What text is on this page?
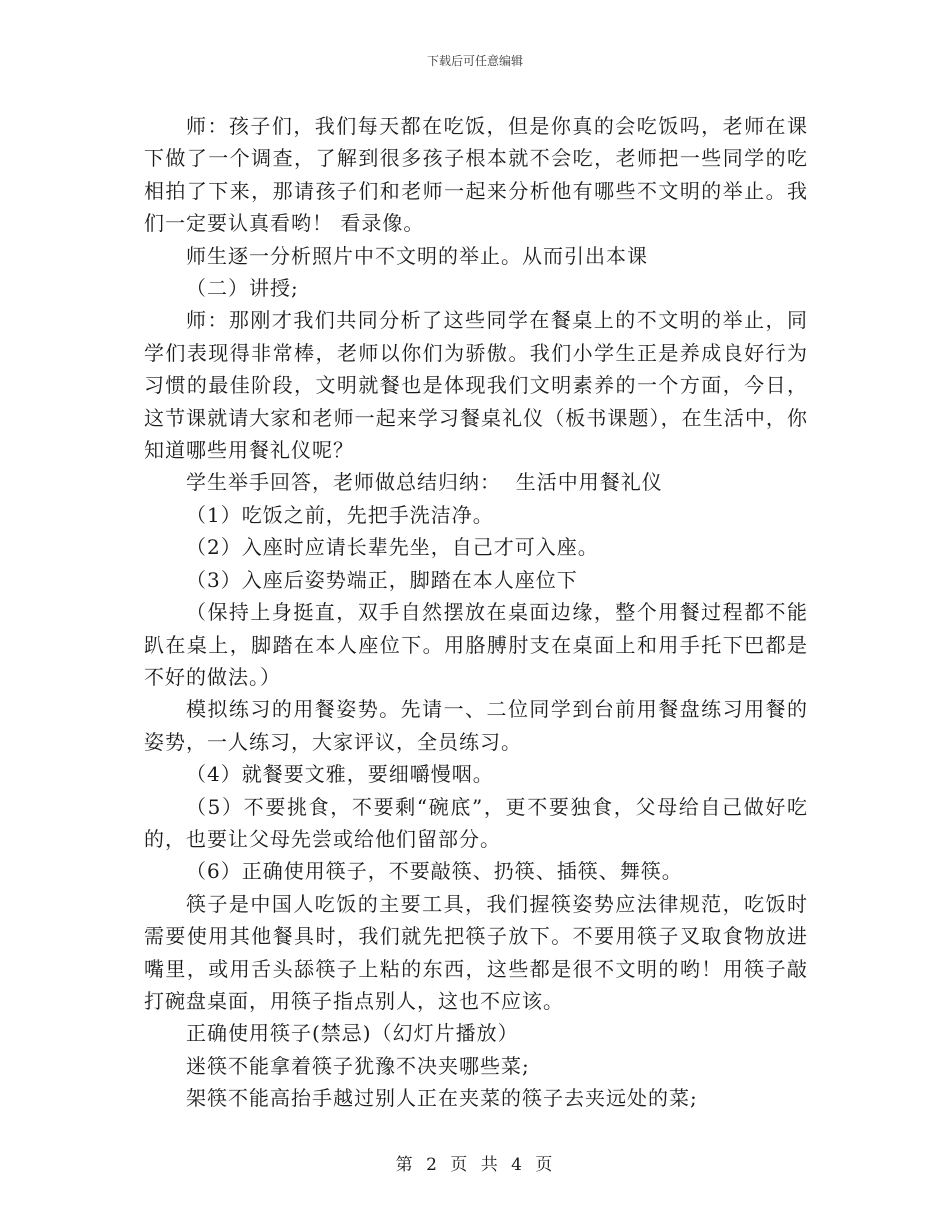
下载后可任意编辑

师：孩子们，我们每天都在吃饭，但是你真的会吃饭吗，老师在课下做了一个调查，了解到很多孩子根本就不会吃，老师把一些同学的吃相拍了下来，那请孩子们和老师一起来分析他有哪些不文明的举止。我们一定要认真看哟！ 看录像。

师生逐一分析照片中不文明的举止。从而引出本课

（二）讲授;

师：那刚才我们共同分析了这些同学在餐桌上的不文明的举止，同学们表现得非常棒，老师以你们为骄傲。我们小学生正是养成良好行为习惯的最佳阶段，文明就餐也是体现我们文明素养的一个方面，今日，这节课就请大家和老师一起来学习餐桌礼仪（板书课题），在生活中，你知道哪些用餐礼仪呢？

学生举手回答，老师做总结归纳：  生活中用餐礼仪

（1）吃饭之前，先把手洗洁净。

（2）入座时应请长辈先坐，自己才可入座。

（3）入座后姿势端正，脚踏在本人座位下

（保持上身挺直，双手自然摆放在桌面边缘，整个用餐过程都不能趴在桌上，脚踏在本人座位下。用胳膊肘支在桌面上和用手托下巴都是不好的做法。）

模拟练习的用餐姿势。先请一、二位同学到台前用餐盘练习用餐的姿势，一人练习，大家评议，全员练习。

（4）就餐要文雅，要细嚼慢咽。

（5）不要挑食，不要剩“碗底”，更不要独食，父母给自己做好吃的，也要让父母先尝或给他们留部分。

（6）正确使用筷子，不要敲筷、扔筷、插筷、舞筷。

筷子是中国人吃饭的主要工具，我们握筷姿势应法律规范，吃饭时需要使用其他餐具时，我们就先把筷子放下。不要用筷子叉取食物放进嘴里，或用舌头舔筷子上粘的东西，这些都是很不文明的哟！用筷子敲打碗盘桌面，用筷子指点别人，这也不应该。

正确使用筷子(禁忌)（幻灯片播放）

迷筷不能拿着筷子犹豫不决夹哪些菜;

架筷不能高抬手越过别人正在夹菜的筷子去夹远处的菜;

第 2 页 共 4 页
